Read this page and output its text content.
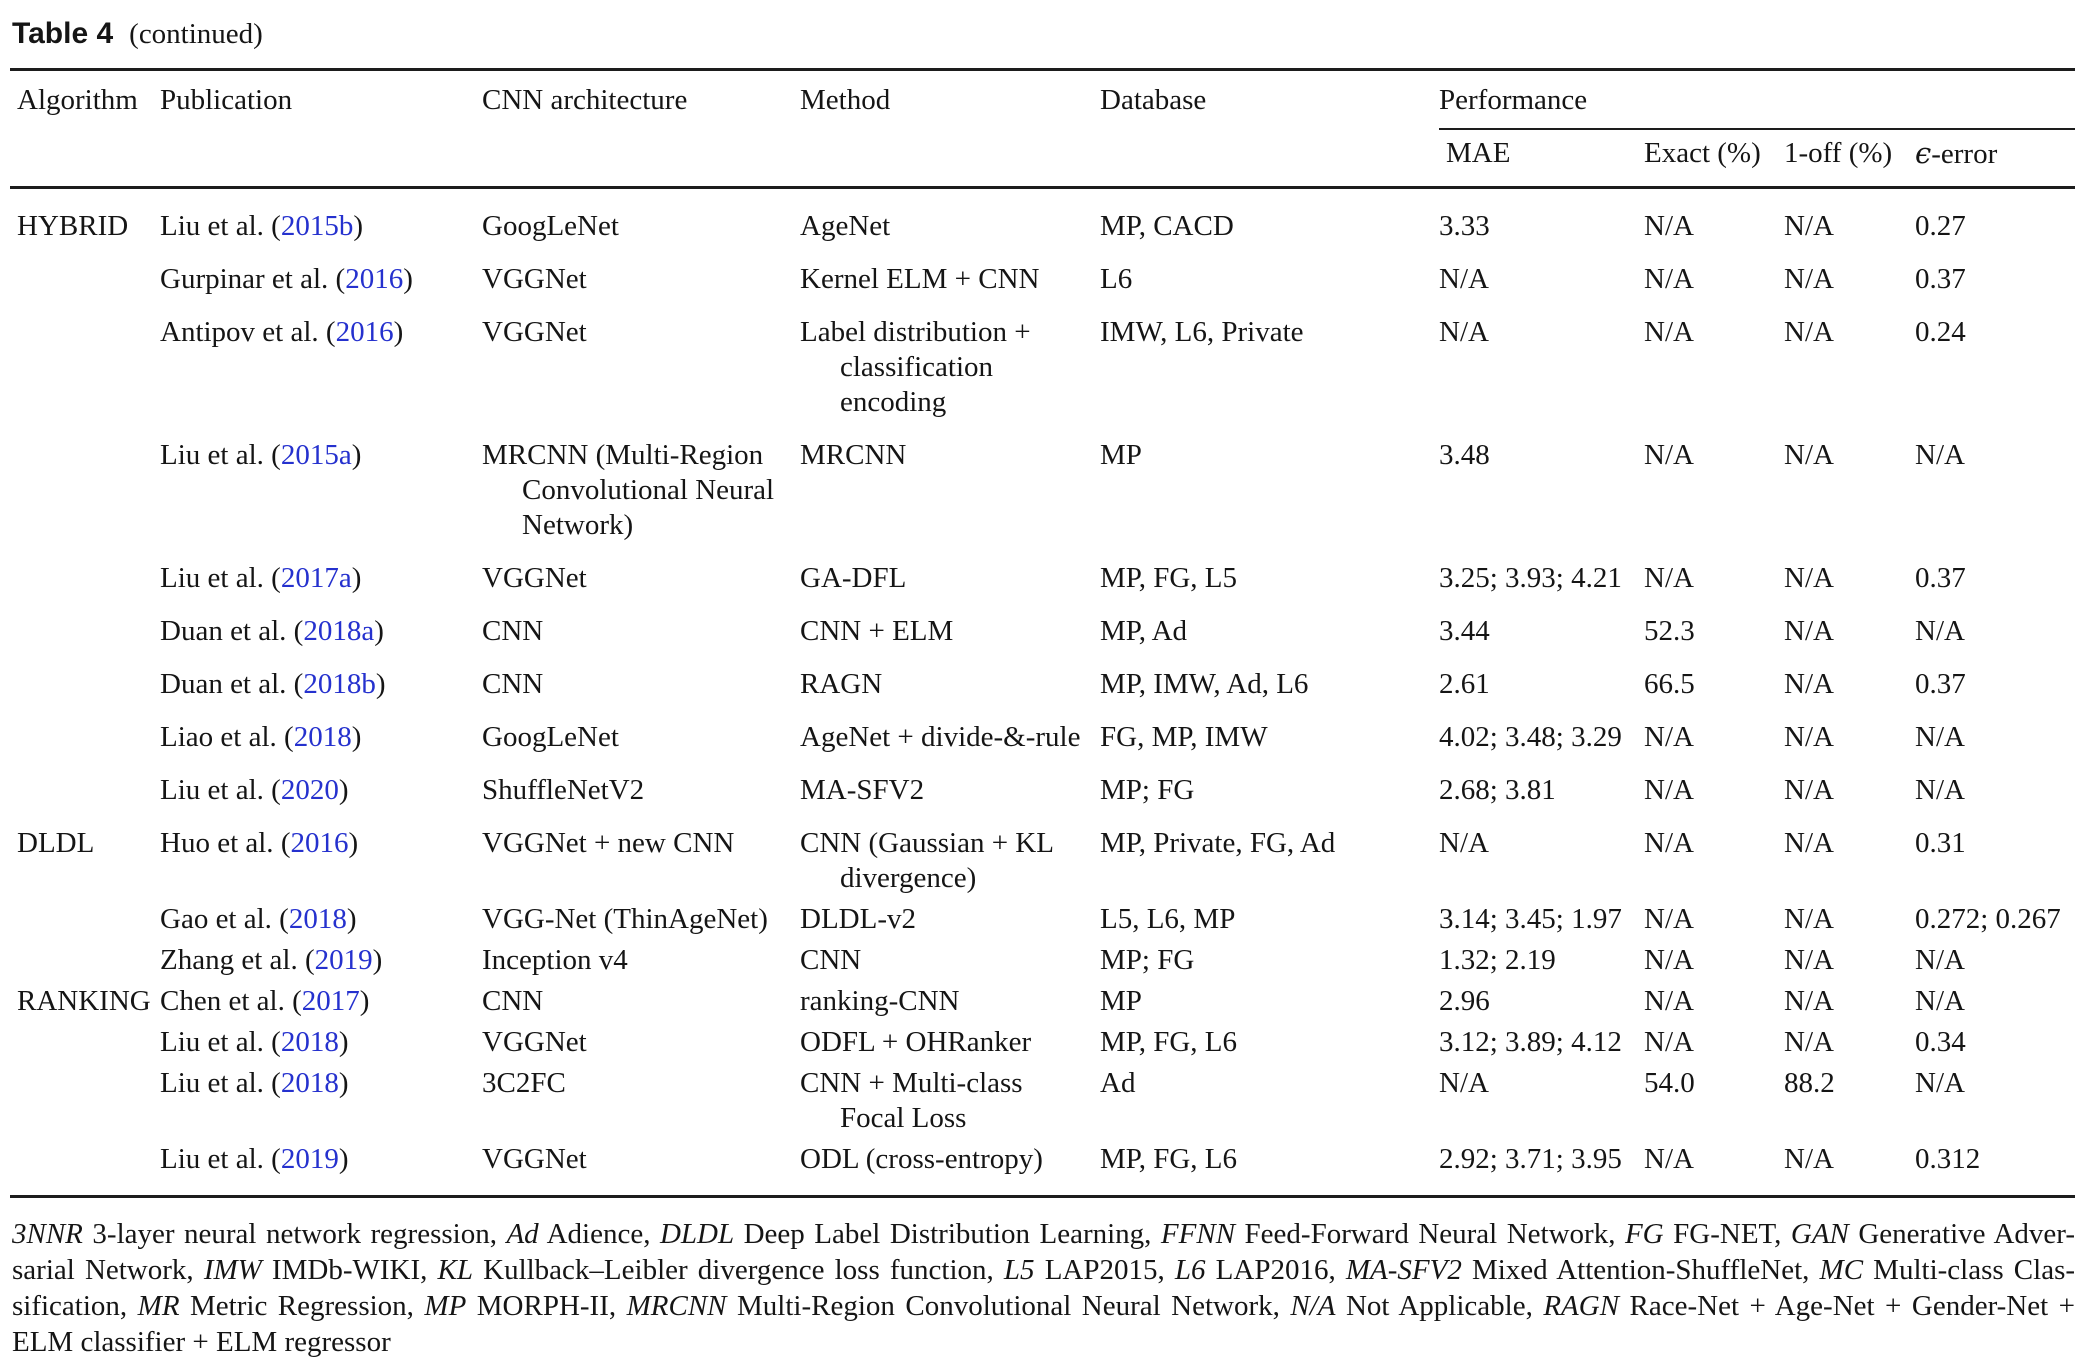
Table 4 (continued)
Algorithm	Publication	CNN architecture	Method	Database	Performance			
					MAE	Exact (%)	1-off (%)	ϵ-error
HYBRID	Liu et al. (2015b)	GoogLeNet	AgeNet	MP, CACD	3.33	N/A	N/A	0.27
	Gurpinar et al. (2016)	VGGNet	Kernel ELM + CNN	L6	N/A	N/A	N/A	0.37
	Antipov et al. (2016)	VGGNet	Label distribution + classification encoding	IMW, L6, Private	N/A	N/A	N/A	0.24
	Liu et al. (2015a)	MRCNN (Multi-Region Convolutional Neural Network)	MRCNN	MP	3.48	N/A	N/A	N/A
	Liu et al. (2017a)	VGGNet	GA-DFL	MP, FG, L5	3.25; 3.93; 4.21	N/A	N/A	0.37
	Duan et al. (2018a)	CNN	CNN + ELM	MP, Ad	3.44	52.3	N/A	N/A
	Duan et al. (2018b)	CNN	RAGN	MP, IMW, Ad, L6	2.61	66.5	N/A	0.37
	Liao et al. (2018)	GoogLeNet	AgeNet + divide-&-rule	FG, MP, IMW	4.02; 3.48; 3.29	N/A	N/A	N/A
	Liu et al. (2020)	ShuffleNetV2	MA-SFV2	MP; FG	2.68; 3.81	N/A	N/A	N/A
DLDL	Huo et al. (2016)	VGGNet + new CNN	CNN (Gaussian + KL divergence)	MP, Private, FG, Ad	N/A	N/A	N/A	0.31
	Gao et al. (2018)	VGG-Net (ThinAgeNet)	DLDL-v2	L5, L6, MP	3.14; 3.45; 1.97	N/A	N/A	0.272; 0.267
	Zhang et al. (2019)	Inception v4	CNN	MP; FG	1.32; 2.19	N/A	N/A	N/A
RANKING	Chen et al. (2017)	CNN	ranking-CNN	MP	2.96	N/A	N/A	N/A
	Liu et al. (2018)	VGGNet	ODFL + OHRanker	MP, FG, L6	3.12; 3.89; 4.12	N/A	N/A	0.34
	Liu et al. (2018)	3C2FC	CNN + Multi-class Focal Loss	Ad	N/A	54.0	88.2	N/A
	Liu et al. (2019)	VGGNet	ODL (cross-entropy)	MP, FG, L6	2.92; 3.71; 3.95	N/A	N/A	0.312
3NNR 3-layer neural network regression, Ad Adience, DLDL Deep Label Distribution Learning, FFNN Feed-Forward Neural Network, FG FG-NET, GAN Generative Adver-
sarial Network, IMW IMDb-WIKI, KL Kullback–Leibler divergence loss function, L5 LAP2015, L6 LAP2016, MA-SFV2 Mixed Attention-ShuffleNet, MC Multi-class Clas-
sification, MR Metric Regression, MP MORPH-II, MRCNN Multi-Region Convolutional Neural Network, N/A Not Applicable, RAGN Race-Net + Age-Net + Gender-Net +
ELM classifier + ELM regressor
